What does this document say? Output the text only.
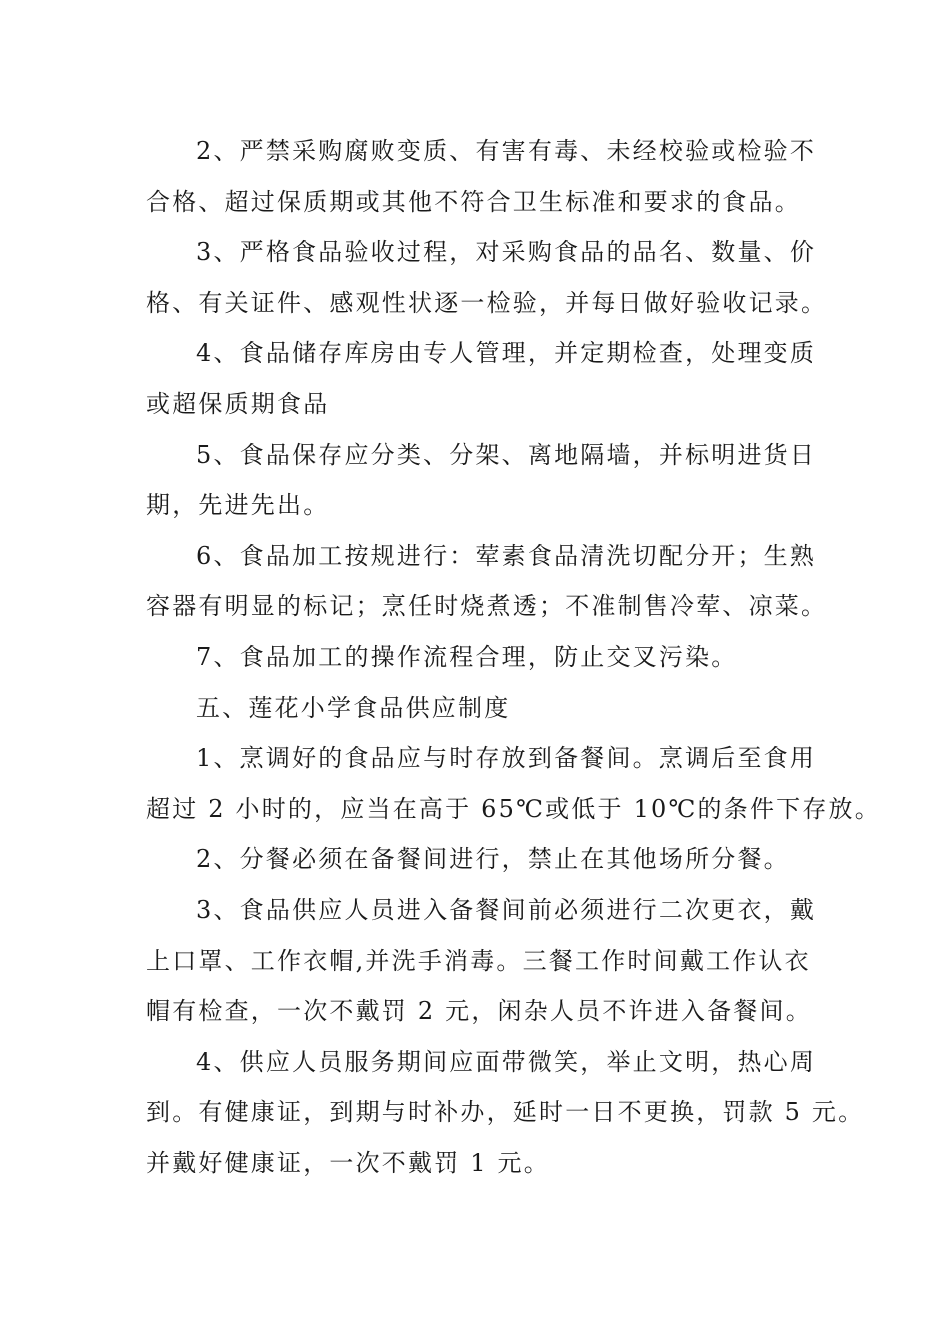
2、严禁采购腐败变质、有害有毒、未经校验或检验不
合格、超过保质期或其他不符合卫生标准和要求的食品。
3、严格食品验收过程，对采购食品的品名、数量、价
格、有关证件、感观性状逐一检验，并每日做好验收记录。
4、食品储存库房由专人管理，并定期检查，处理变质
或超保质期食品
5、食品保存应分类、分架、离地隔墙，并标明进货日
期，先进先出。
6、食品加工按规进行：荤素食品清洗切配分开；生熟
容器有明显的标记；烹任时烧煮透；不准制售冷荤、凉菜。
7、食品加工的操作流程合理，防止交叉污染。
五、莲花小学食品供应制度
1、烹调好的食品应与时存放到备餐间。烹调后至食用
超过 2 小时的，应当在高于 65℃或低于 10℃的条件下存放。
2、分餐必须在备餐间进行，禁止在其他场所分餐。
3、食品供应人员进入备餐间前必须进行二次更衣，戴
上口罩、工作衣帽,并洗手消毒。三餐工作时间戴工作认衣
帽有检查，一次不戴罚 2 元，闲杂人员不许进入备餐间。
4、供应人员服务期间应面带微笑，举止文明，热心周
到。有健康证，到期与时补办，延时一日不更换，罚款 5 元。
并戴好健康证，一次不戴罚 1 元。
